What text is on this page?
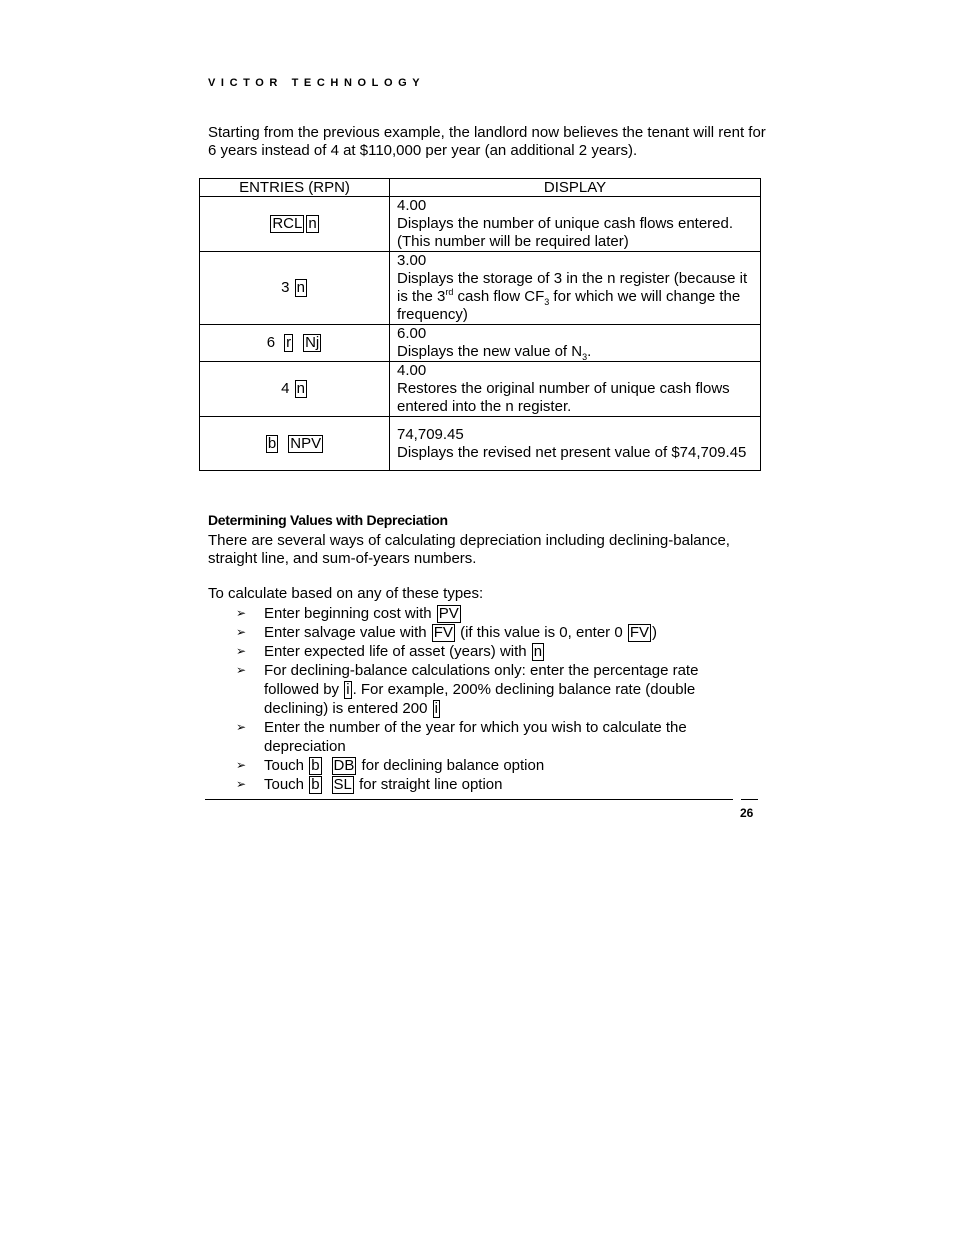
VICTOR TECHNOLOGY
Starting from the previous example, the landlord now believes the tenant will rent for 6 years instead of 4 at $110,000 per year (an additional 2 years).
ENTRIES (RPN)	DISPLAY
RCL n	4.00
Displays the number of unique cash flows entered. (This number will be required later)

3 n	3.00
Displays the storage of 3 in the n register (because it is the 3rd cash flow $CF_3$ for which we will change the frequency)

6 r Nj	6.00
Displays the new value of $N_3$.

4 n	4.00
Restores the original number of unique cash flows entered into the n register.

b NPV	74,709.45
Displays the revised net present value of $74,709.45
Determining Values with Depreciation
There are several ways of calculating depreciation including declining-balance, straight line, and sum-of-years numbers.
To calculate based on any of these types:
➢ Enter beginning cost with PV
➢ Enter salvage value with FV (if this value is 0, enter 0 FV )
➢ Enter expected life of asset (years) with n
➢ For declining-balance calculations only: enter the percentage rate followed by i . For example, 200% declining balance rate (double declining) is entered 200 i
➢ Enter the number of the year for which you wish to calculate the depreciation
➢ Touch b DB for declining balance option
➢ Touch b SL for straight line option
26
